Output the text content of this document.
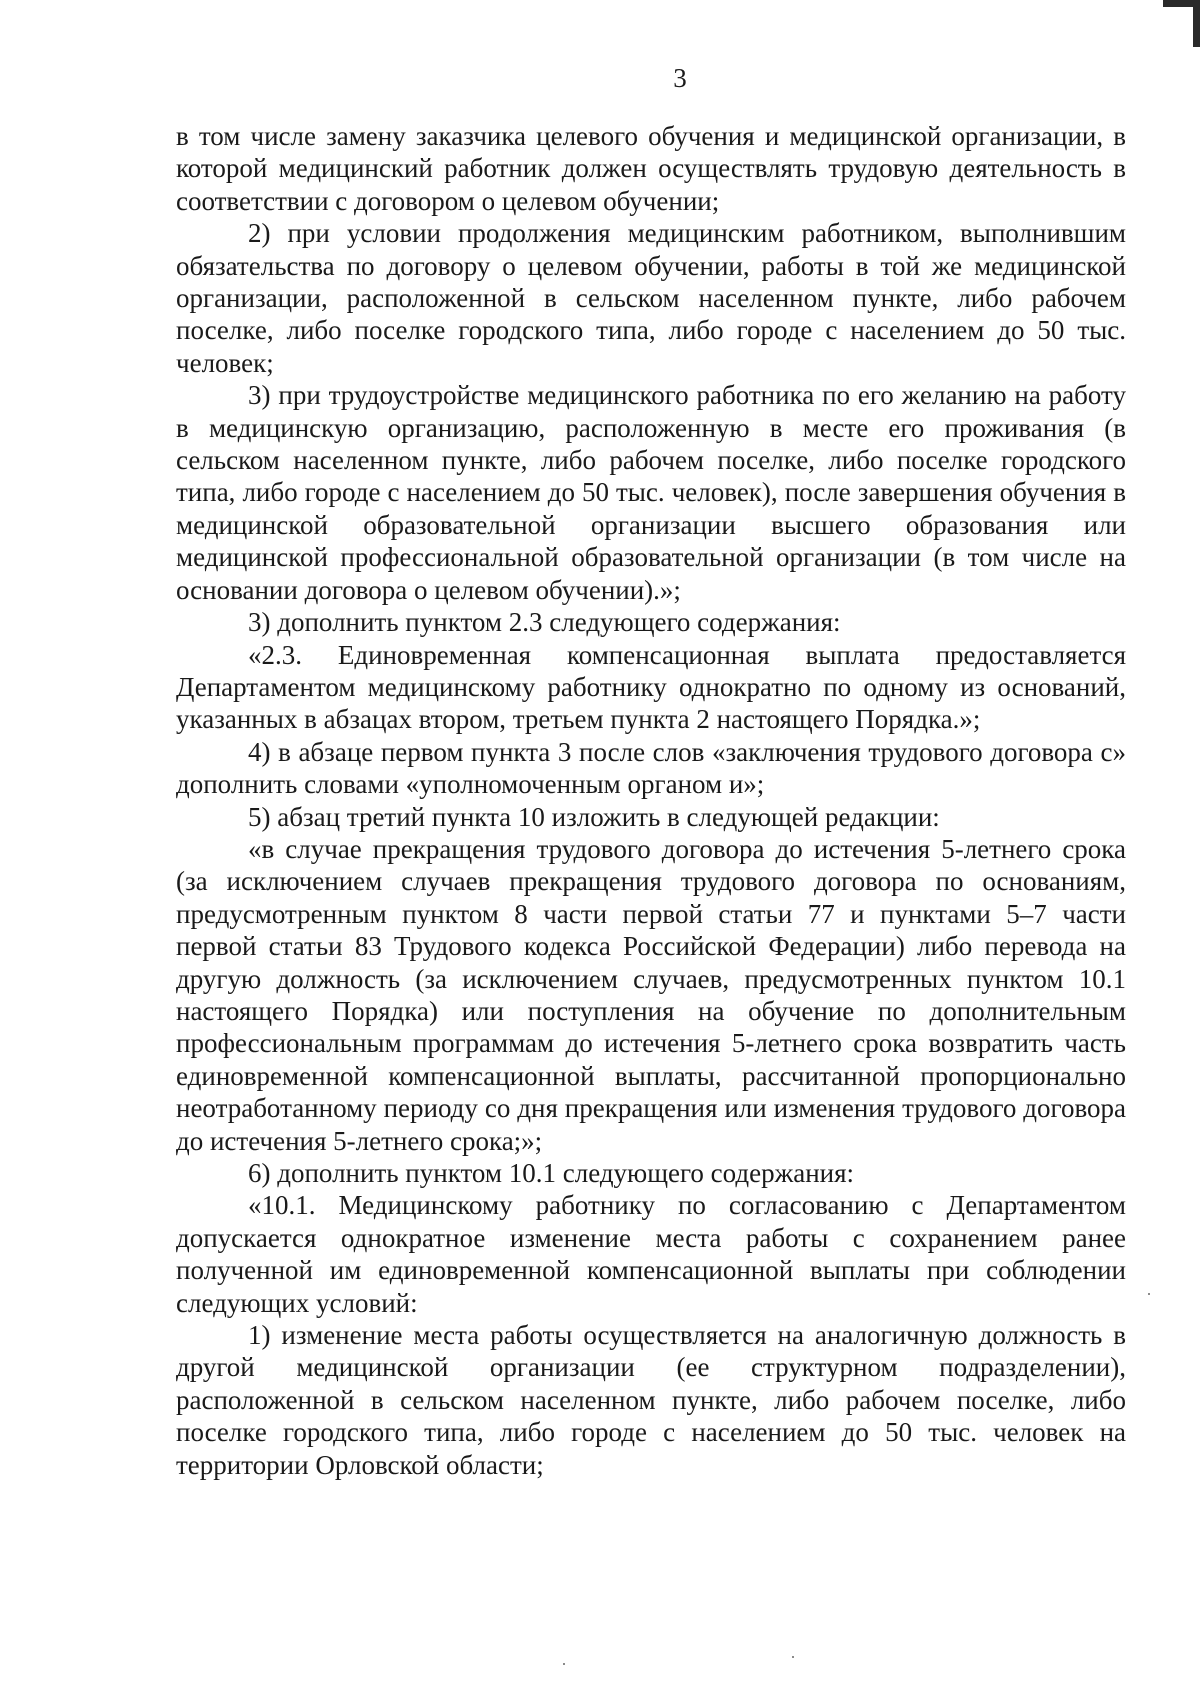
3

в том числе замену заказчика целевого обучения и медицинской организации, в которой медицинский работник должен осуществлять трудовую деятельность в соответствии с договором о целевом обучении;

2) при условии продолжения медицинским работником, выполнившим обязательства по договору о целевом обучении, работы в той же медицинской организации, расположенной в сельском населенном пункте, либо рабочем поселке, либо поселке городского типа, либо городе с населением до 50 тыс. человек;

3) при трудоустройстве медицинского работника по его желанию на работу в медицинскую организацию, расположенную в месте его проживания (в сельском населенном пункте, либо рабочем поселке, либо поселке городского типа, либо городе с населением до 50 тыс. человек), после завершения обучения в медицинской образовательной организации высшего образования или медицинской профессиональной образовательной организации (в том числе на основании договора о целевом обучении).»;

3) дополнить пунктом 2.3 следующего содержания:

«2.3. Единовременная компенсационная выплата предоставляется Департаментом медицинскому работнику однократно по одному из оснований, указанных в абзацах втором, третьем пункта 2 настоящего Порядка.»;

4) в абзаце первом пункта 3 после слов «заключения трудового договора с» дополнить словами «уполномоченным органом и»;

5) абзац третий пункта 10 изложить в следующей редакции:

«в случае прекращения трудового договора до истечения 5-летнего срока (за исключением случаев прекращения трудового договора по основаниям, предусмотренным пунктом 8 части первой статьи 77 и пунктами 5–7 части первой статьи 83 Трудового кодекса Российской Федерации) либо перевода на другую должность (за исключением случаев, предусмотренных пунктом 10.1 настоящего Порядка) или поступления на обучение по дополнительным профессиональным программам до истечения 5-летнего срока возвратить часть единовременной компенсационной выплаты, рассчитанной пропорционально неотработанному периоду со дня прекращения или изменения трудового договора до истечения 5-летнего срока;»;

6) дополнить пунктом 10.1 следующего содержания:

«10.1. Медицинскому работнику по согласованию с Департаментом допускается однократное изменение места работы с сохранением ранее полученной им единовременной компенсационной выплаты при соблюдении следующих условий:

1) изменение места работы осуществляется на аналогичную должность в другой медицинской организации (ее структурном подразделении), расположенной в сельском населенном пункте, либо рабочем поселке, либо поселке городского типа, либо городе с населением до 50 тыс. человек на территории Орловской области;
